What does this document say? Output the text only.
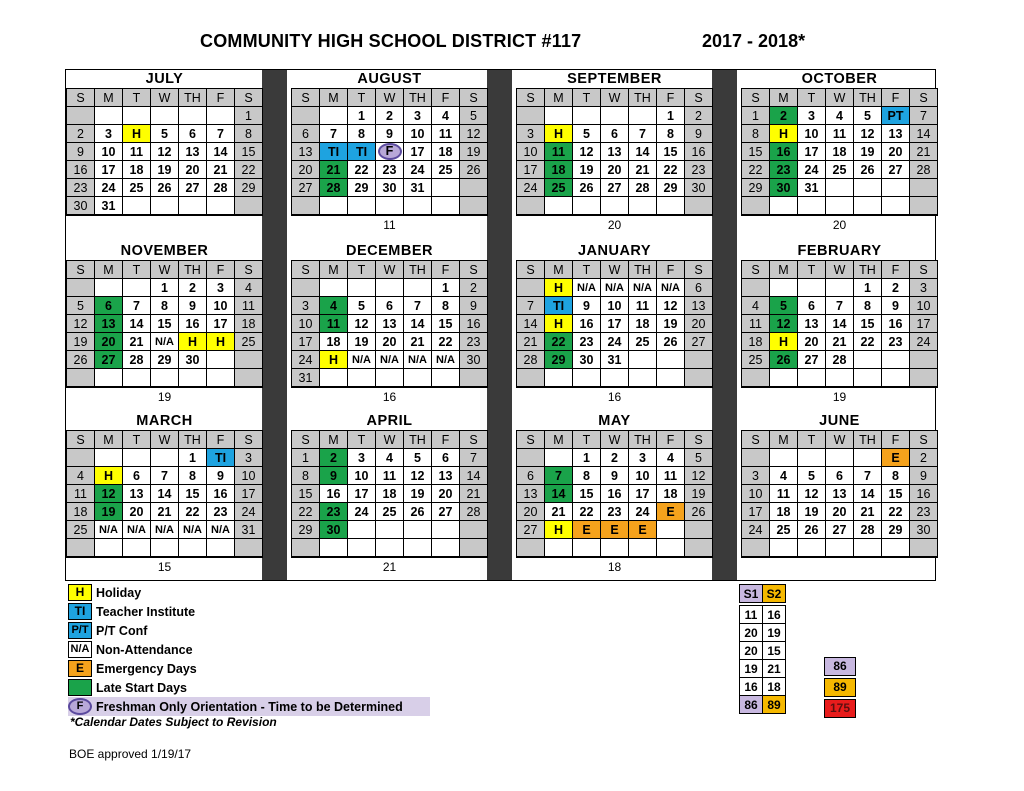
COMMUNITY HIGH SCHOOL DISTRICT #117	2017 - 2018*
JULY
S	M	T	W	TH	F	S
						1
2	3	H	5	6	7	8
9	10	11	12	13	14	15
16	17	18	19	20	21	22
23	24	25	26	27	28	29
30	31					
AUGUST
S	M	T	W	TH	F	S
		1	2	3	4	5
6	7	8	9	10	11	12
13	TI	TI	F	17	18	19
20	21	22	23	24	25	26
27	28	29	30	31		

11
SEPTEMBER
S	M	T	W	TH	F	S
					1	2
3	H	5	6	7	8	9
10	11	12	13	14	15	16
17	18	19	20	21	22	23
24	25	26	27	28	29	30

20
OCTOBER
S	M	T	W	TH	F	S
1	2	3	4	5	PT	7
8	H	10	11	12	13	14
15	16	17	18	19	20	21
22	23	24	25	26	27	28
29	30	31				

20
NOVEMBER
S	M	T	W	TH	F	S
			1	2	3	4
5	6	7	8	9	10	11
12	13	14	15	16	17	18
19	20	21	N/A	H	H	25
26	27	28	29	30		

19
DECEMBER
S	M	T	W	TH	F	S
					1	2
3	4	5	6	7	8	9
10	11	12	13	14	15	16
17	18	19	20	21	22	23
24	H	N/A	N/A	N/A	N/A	30
31						
16
JANUARY
S	M	T	W	TH	F	S
	H	N/A	N/A	N/A	N/A	6
7	TI	9	10	11	12	13
14	H	16	17	18	19	20
21	22	23	24	25	26	27
28	29	30	31			

16
FEBRUARY
S	M	T	W	TH	F	S
				1	2	3
4	5	6	7	8	9	10
11	12	13	14	15	16	17
18	H	20	21	22	23	24
25	26	27	28			

19
MARCH
S	M	T	W	TH	F	S
				1	TI	3
4	H	6	7	8	9	10
11	12	13	14	15	16	17
18	19	20	21	22	23	24
25	N/A	N/A	N/A	N/A	N/A	31

15
APRIL
S	M	T	W	TH	F	S
1	2	3	4	5	6	7
8	9	10	11	12	13	14
15	16	17	18	19	20	21
22	23	24	25	26	27	28
29	30					

21
MAY
S	M	T	W	TH	F	S
		1	2	3	4	5
6	7	8	9	10	11	12
13	14	15	16	17	18	19
20	21	22	23	24	E	26
27	H	E	E	E		

18
JUNE
S	M	T	W	TH	F	S
					E	2
3	4	5	6	7	8	9
10	11	12	13	14	15	16
17	18	19	20	21	22	23
24	25	26	27	28	29	30

H Holiday
TI Teacher Institute
P/T P/T Conf
N/A Non-Attendance
E Emergency Days
Late Start Days
F	Freshman Only Orientation - Time to be Determined
*Calendar Dates Subject to Revision
BOE approved 1/19/17
S1	S2

11	16
20	19
20	15
19	21
16	18
86	89
86
89
175
